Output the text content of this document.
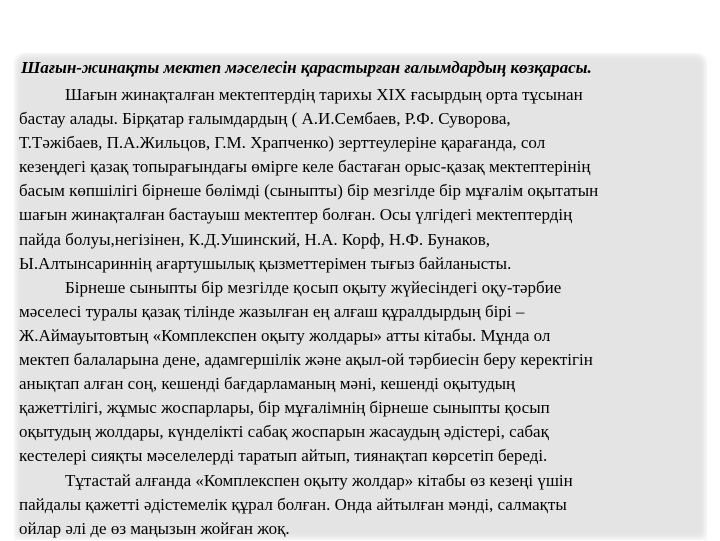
Шағын-жинақты мектеп мәселесін қарастырған ғалымдардың көзқарасы.
Шағын жинақталған мектептердің тарихы XIX ғасырдың орта тұсынан
бастау алады. Бірқатар ғалымдардың ( А.И.Сембаев, Р.Ф. Суворова,
Т.Тәжібаев, П.А.Жильцов, Г.М. Храпченко) зерттеулеріне қарағанда, сол
кезеңдегі қазақ топырағындағы өмірге келе бастаған орыс-қазақ мектептерінің
басым көпшілігі бірнеше бөлімді (сыныпты) бір мезгілде бір мұғалім оқытатын
шағын жинақталған бастауыш мектептер болған. Осы үлгідегі мектептердің
пайда болуы,негізінен, К.Д.Ушинский, Н.А. Корф, Н.Ф. Бунаков,
Ы.Алтынсариннің ағартушылық қызметтерімен тығыз байланысты.
Бірнеше сыныпты бір мезгілде қосып оқыту жүйесіндегі оқу-тәрбие
мәселесі туралы қазақ тілінде жазылған ең алғаш құралдырдың бірі –
Ж.Аймауытовтың «Комплекспен оқыту жолдары» атты кітабы. Мұнда ол
мектеп балаларына дене, адамгершілік және ақыл-ой тәрбиесін беру керектігін
анықтап алған соң, кешенді бағдарламаның мәні, кешенді оқытудың
қажеттілігі, жұмыс жоспарлары, бір мұғалімнің бірнеше сыныпты қосып
оқытудың жолдары, күнделікті сабақ жоспарын жасаудың әдістері, сабақ
кестелері сияқты мәселелерді таратып айтып, тиянақтап көрсетіп береді.
Тұтастай алғанда «Комплекспен оқыту жолдар» кітабы өз кезеңі үшін
пайдалы қажетті әдістемелік құрал болған. Онда айтылған мәнді, салмақты
ойлар әлі де өз маңызын жойған жоқ.
